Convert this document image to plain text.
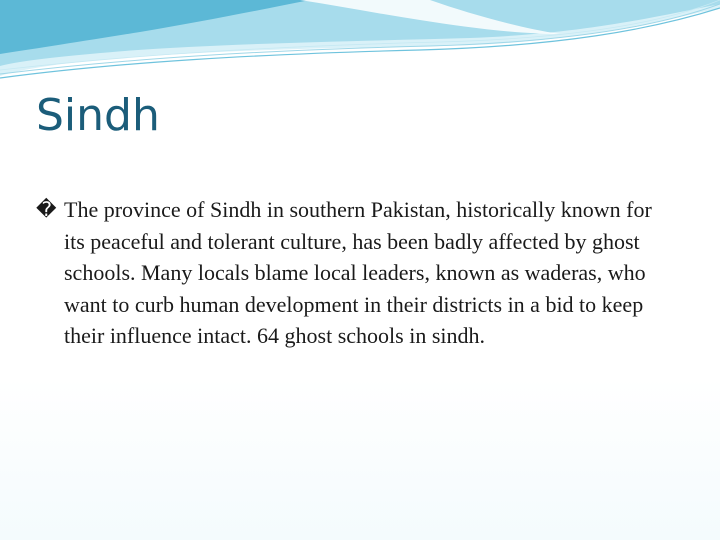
Sindh
� The province of Sindh in southern Pakistan, historically known for its peaceful and tolerant culture, has been badly affected by ghost schools. Many locals blame local leaders, known as waderas, who want to curb human development in their districts in a bid to keep their influence intact. 64 ghost schools in sindh.
